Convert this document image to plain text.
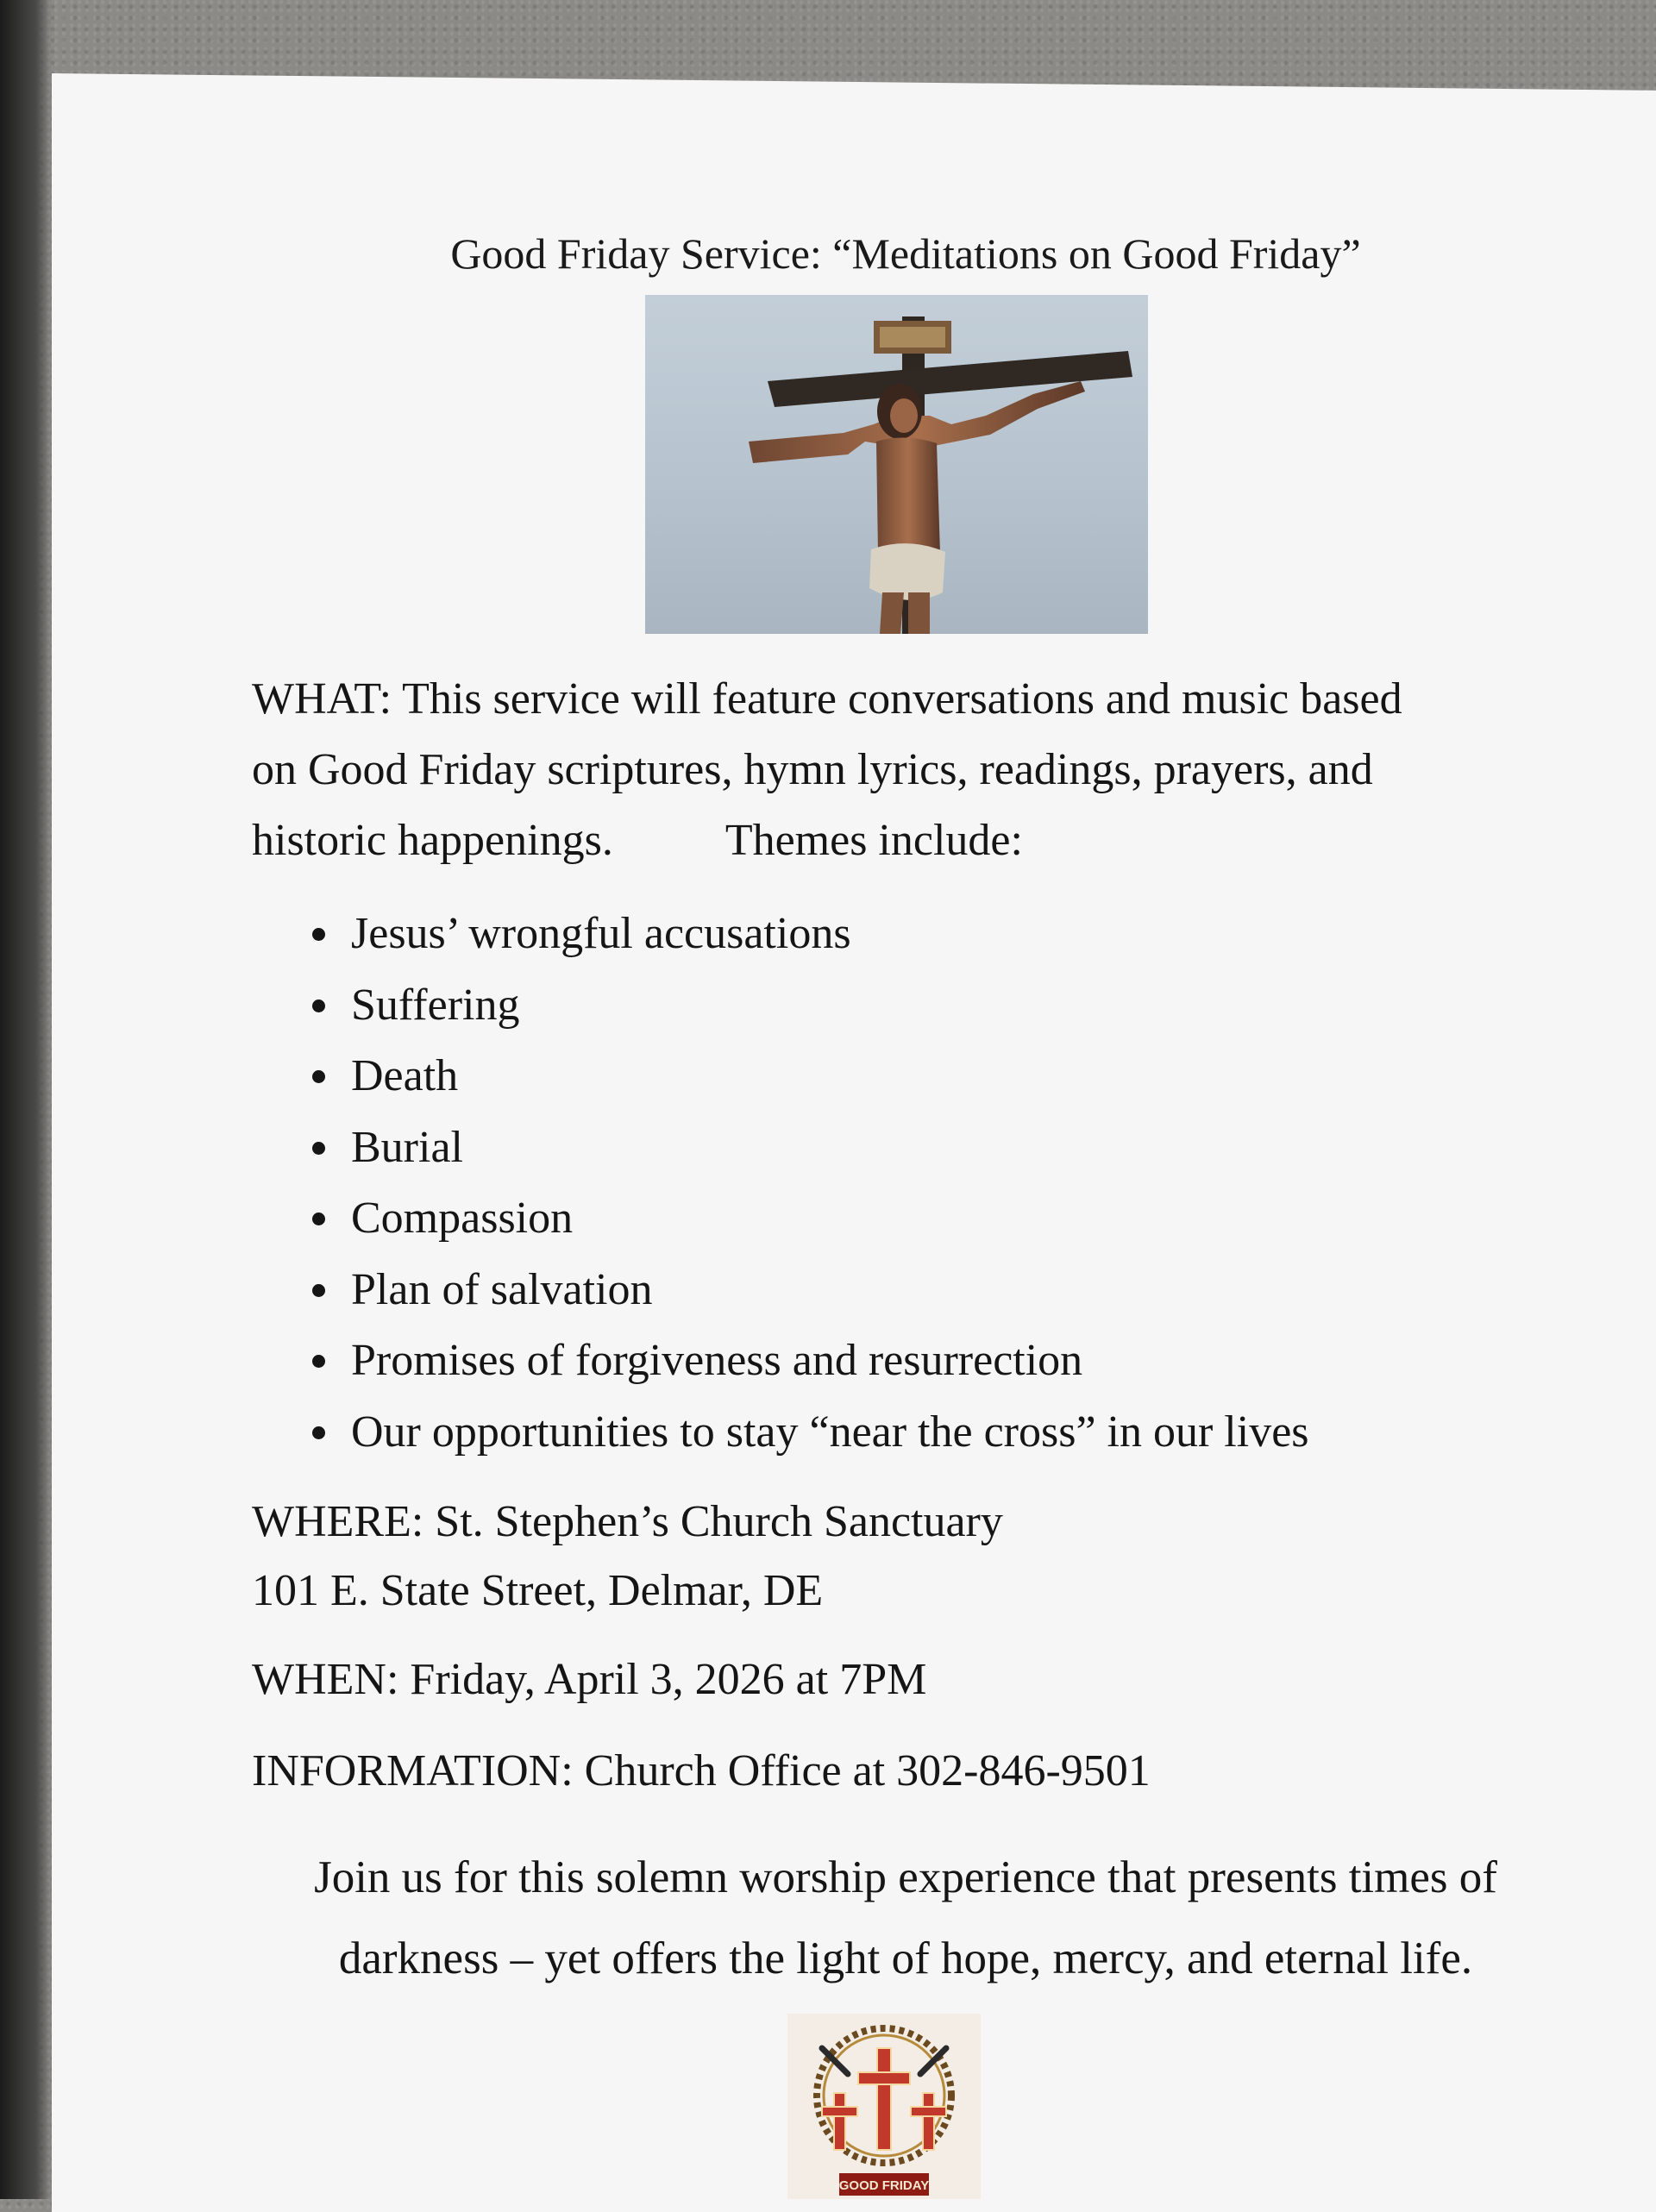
Good Friday Service: “Meditations on Good Friday”
WHAT: This service will feature conversations and music based
on Good Friday scriptures, hymn lyrics, readings, prayers, and
historic happenings.	Themes include:
Jesus’ wrongful accusations
Suffering
Death
Burial
Compassion
Plan of salvation
Promises of forgiveness and resurrection
Our opportunities to stay “near the cross” in our lives
WHERE: St. Stephen’s Church Sanctuary
101 E. State Street, Delmar, DE
WHEN: Friday, April 3, 2026 at 7PM
INFORMATION: Church Office at 302-846-9501
Join us for this solemn worship experience that presents times of
darkness – yet offers the light of hope, mercy, and eternal life.
GOOD FRIDAY
